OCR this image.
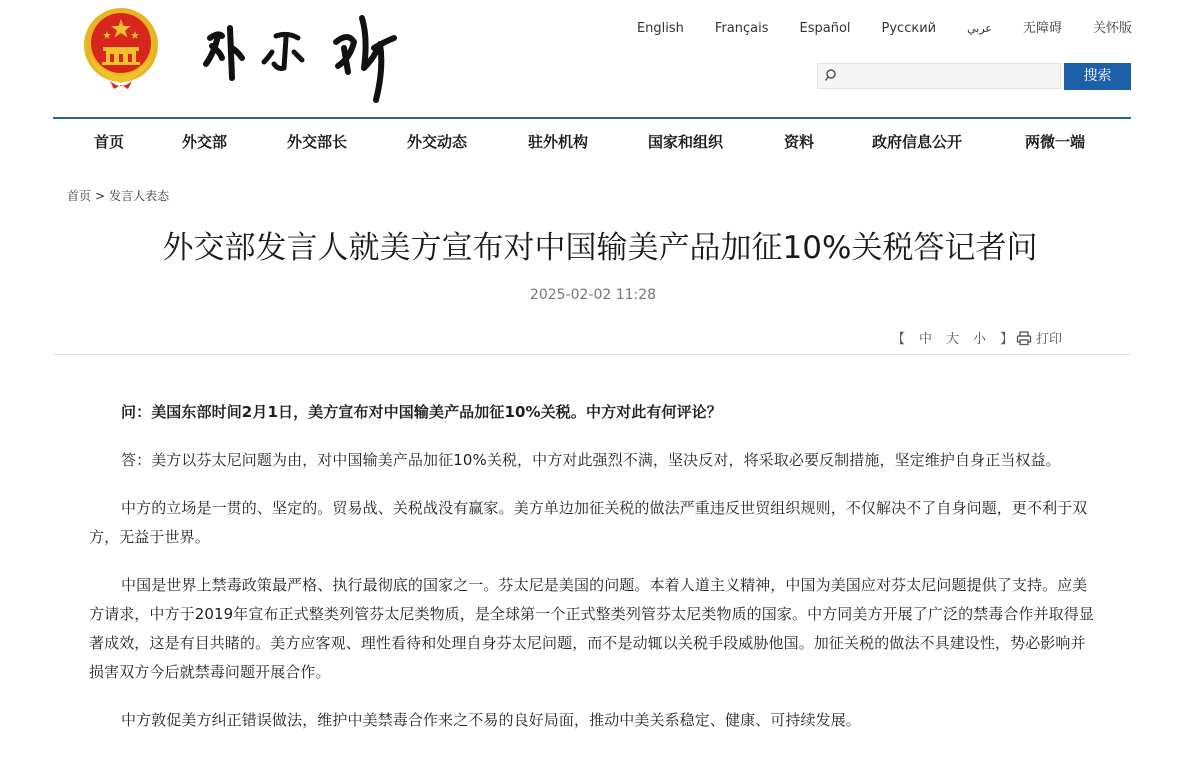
English Français Español Русский	عربي 无障碍 关怀版
搜索
首页	外交部	外交部长	外交动态	驻外机构	国家和组织	资料	政府信息公开	两微一端
首页 > 发言人表态
外交部发言人就美方宣布对中国输美产品加征10%关税答记者问
2025-02-02 11:28
【 中 大 小 】	打印

问：美国东部时间2月1日，美方宣布对中国输美产品加征10%关税。中方对此有何评论？

答：美方以芬太尼问题为由，对中国输美产品加征10%关税，中方对此强烈不满，坚决反对，将采取必要反制措施，坚定维护自身正当权益。

中方的立场是一贯的、坚定的。贸易战、关税战没有赢家。美方单边加征关税的做法严重违反世贸组织规则，不仅解决不了自身问题，更不利于双方，无益于世界。

中国是世界上禁毒政策最严格、执行最彻底的国家之一。芬太尼是美国的问题。本着人道主义精神，中国为美国应对芬太尼问题提供了支持。应美方请求，中方于2019年宣布正式整类列管芬太尼类物质，是全球第一个正式整类列管芬太尼类物质的国家。中方同美方开展了广泛的禁毒合作并取得显著成效，这是有目共睹的。美方应客观、理性看待和处理自身芬太尼问题，而不是动辄以关税手段威胁他国。加征关税的做法不具建设性，势必影响并损害双方今后就禁毒问题开展合作。

中方敦促美方纠正错误做法，维护中美禁毒合作来之不易的良好局面，推动中美关系稳定、健康、可持续发展。
